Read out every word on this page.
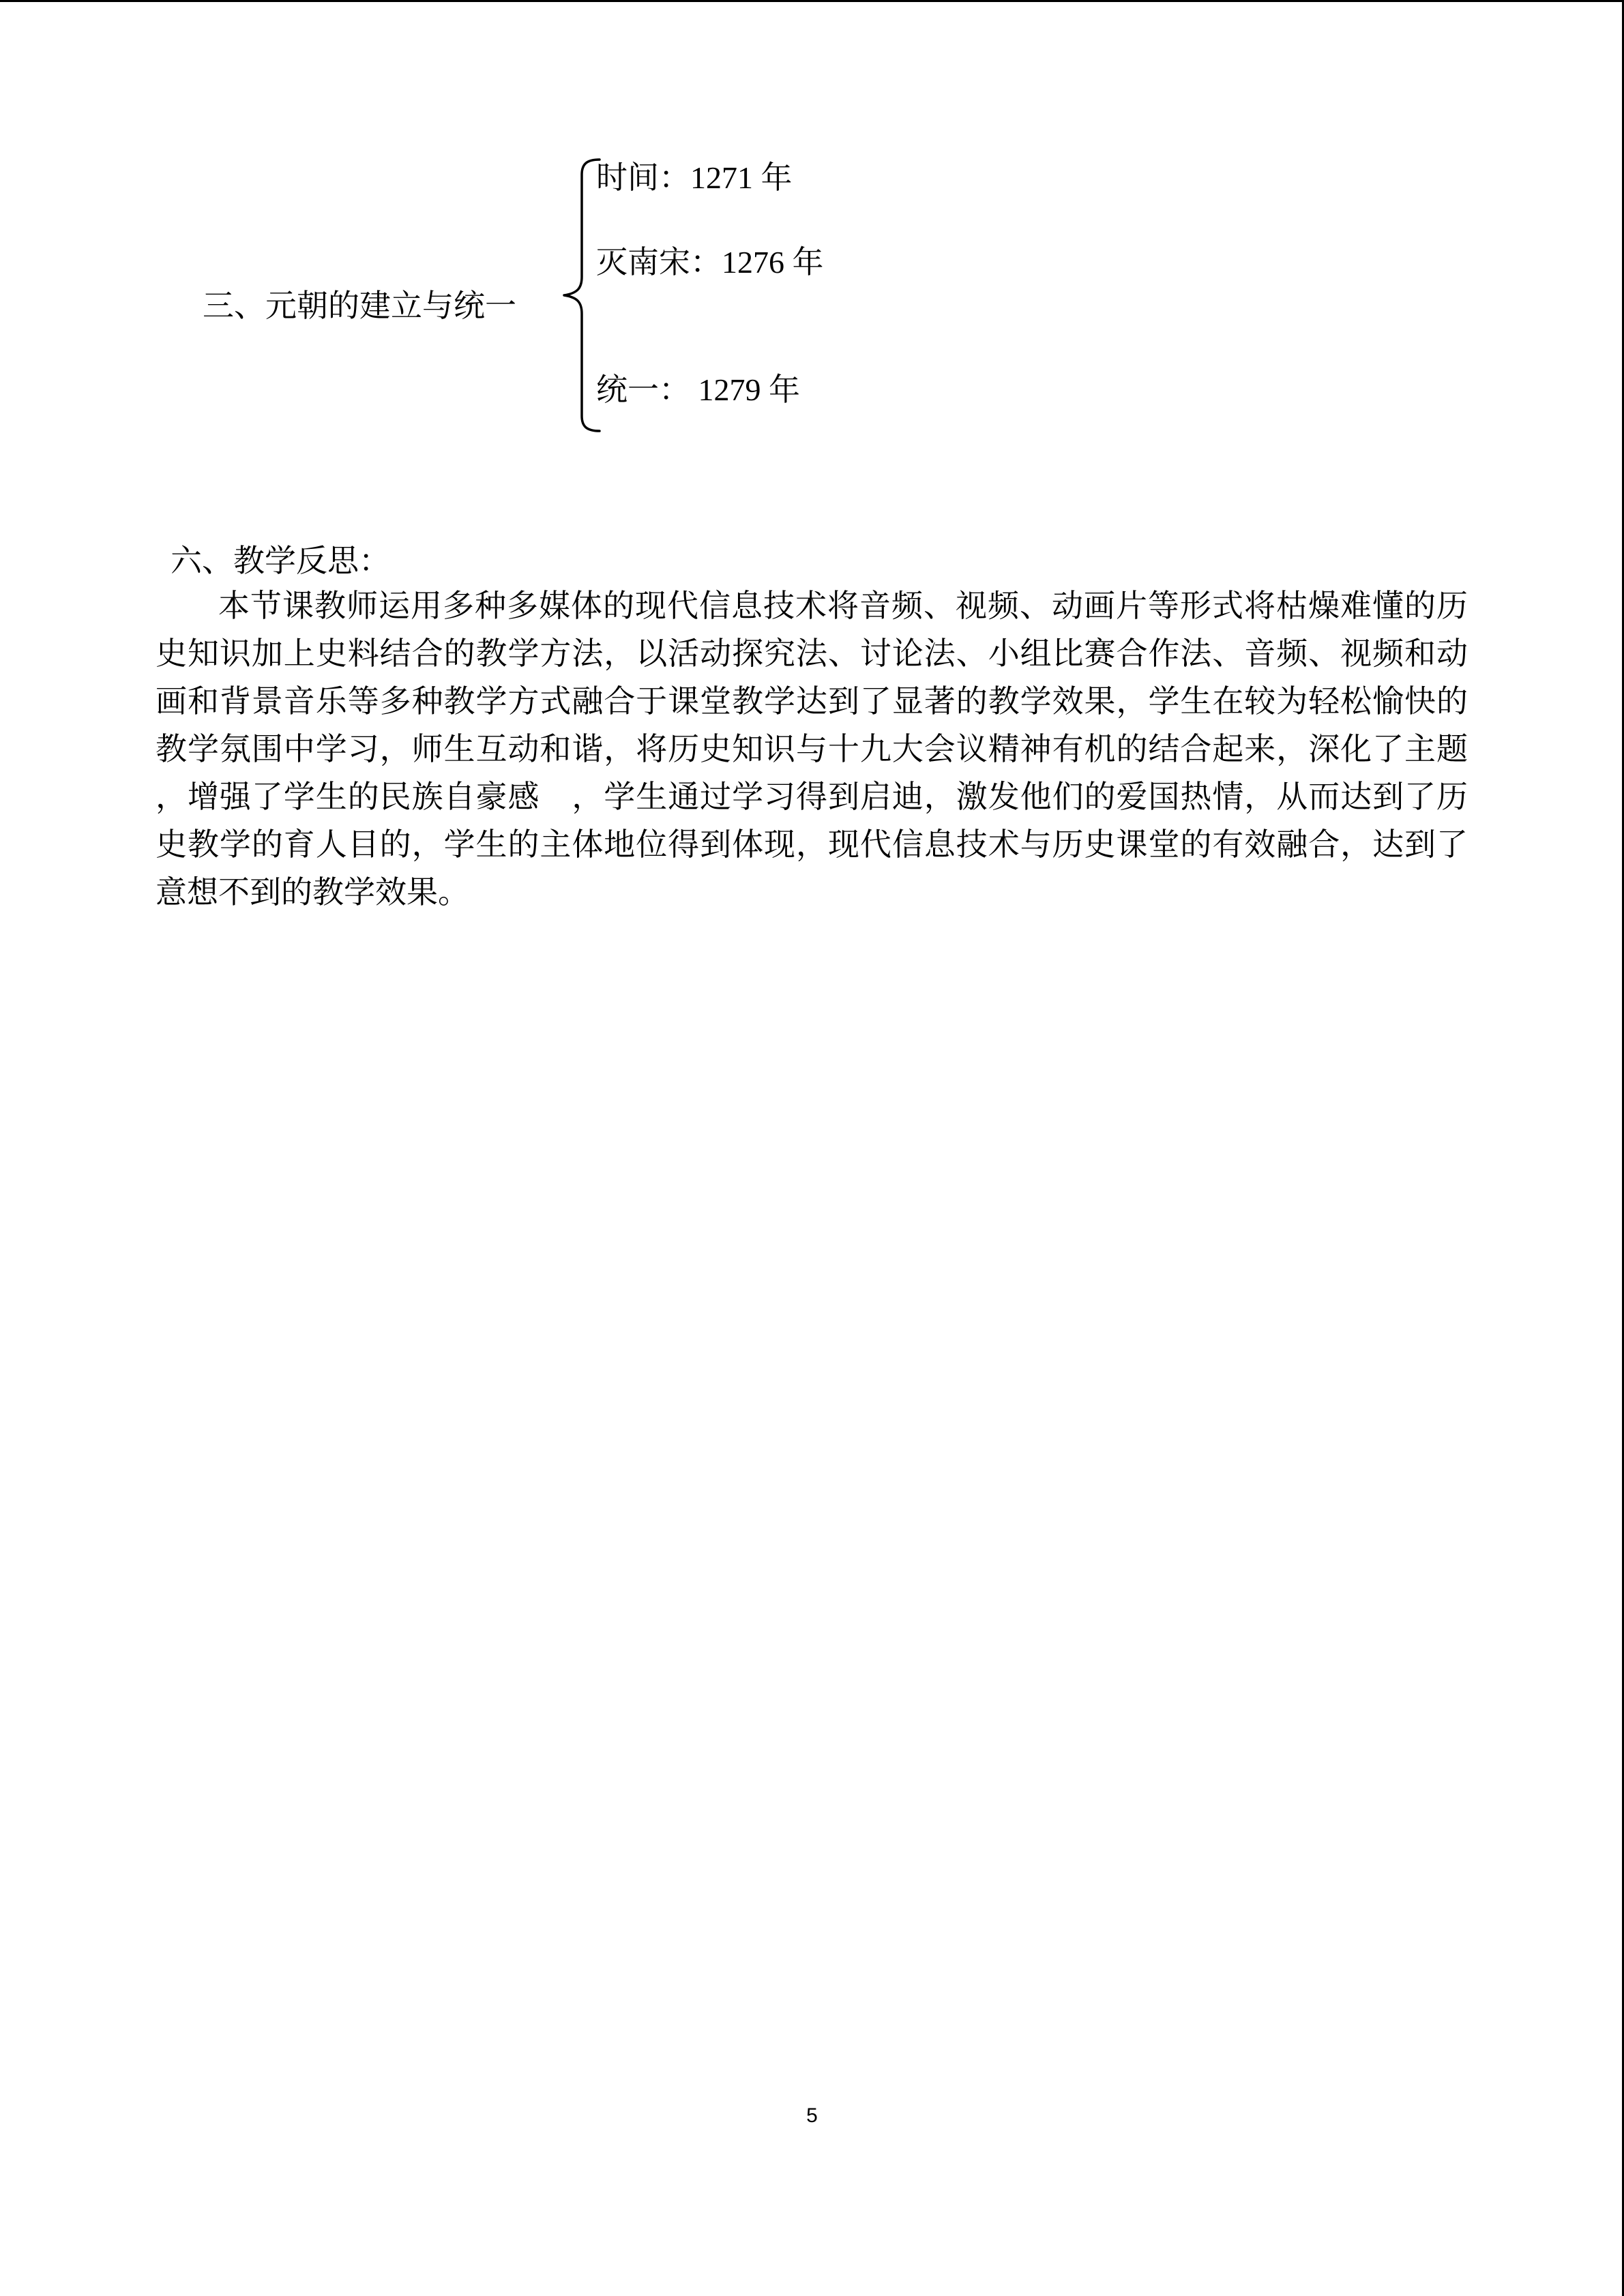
三、元朝的建立与统一
时间：1271 年
灭南宋：1276 年
统一： 1279 年
六、教学反思：
本节课教师运用多种多媒体的现代信息技术将音频、视频、动画片等形式将枯燥难懂的历史知识加上史料结合的教学方法，以活动探究法、讨论法、小组比赛合作法、音频、视频和动画和背景音乐等多种教学方式融合于课堂教学达到了显著的教学效果，学生在较为轻松愉快的教学氛围中学习，师生互动和谐，将历史知识与十九大会议精神有机的结合起来，深化了主题，增强了学生的民族自豪感　，学生通过学习得到启迪，激发他们的爱国热情，从而达到了历史教学的育人目的，学生的主体地位得到体现，现代信息技术与历史课堂的有效融合，达到了意想不到的教学效果。
5
